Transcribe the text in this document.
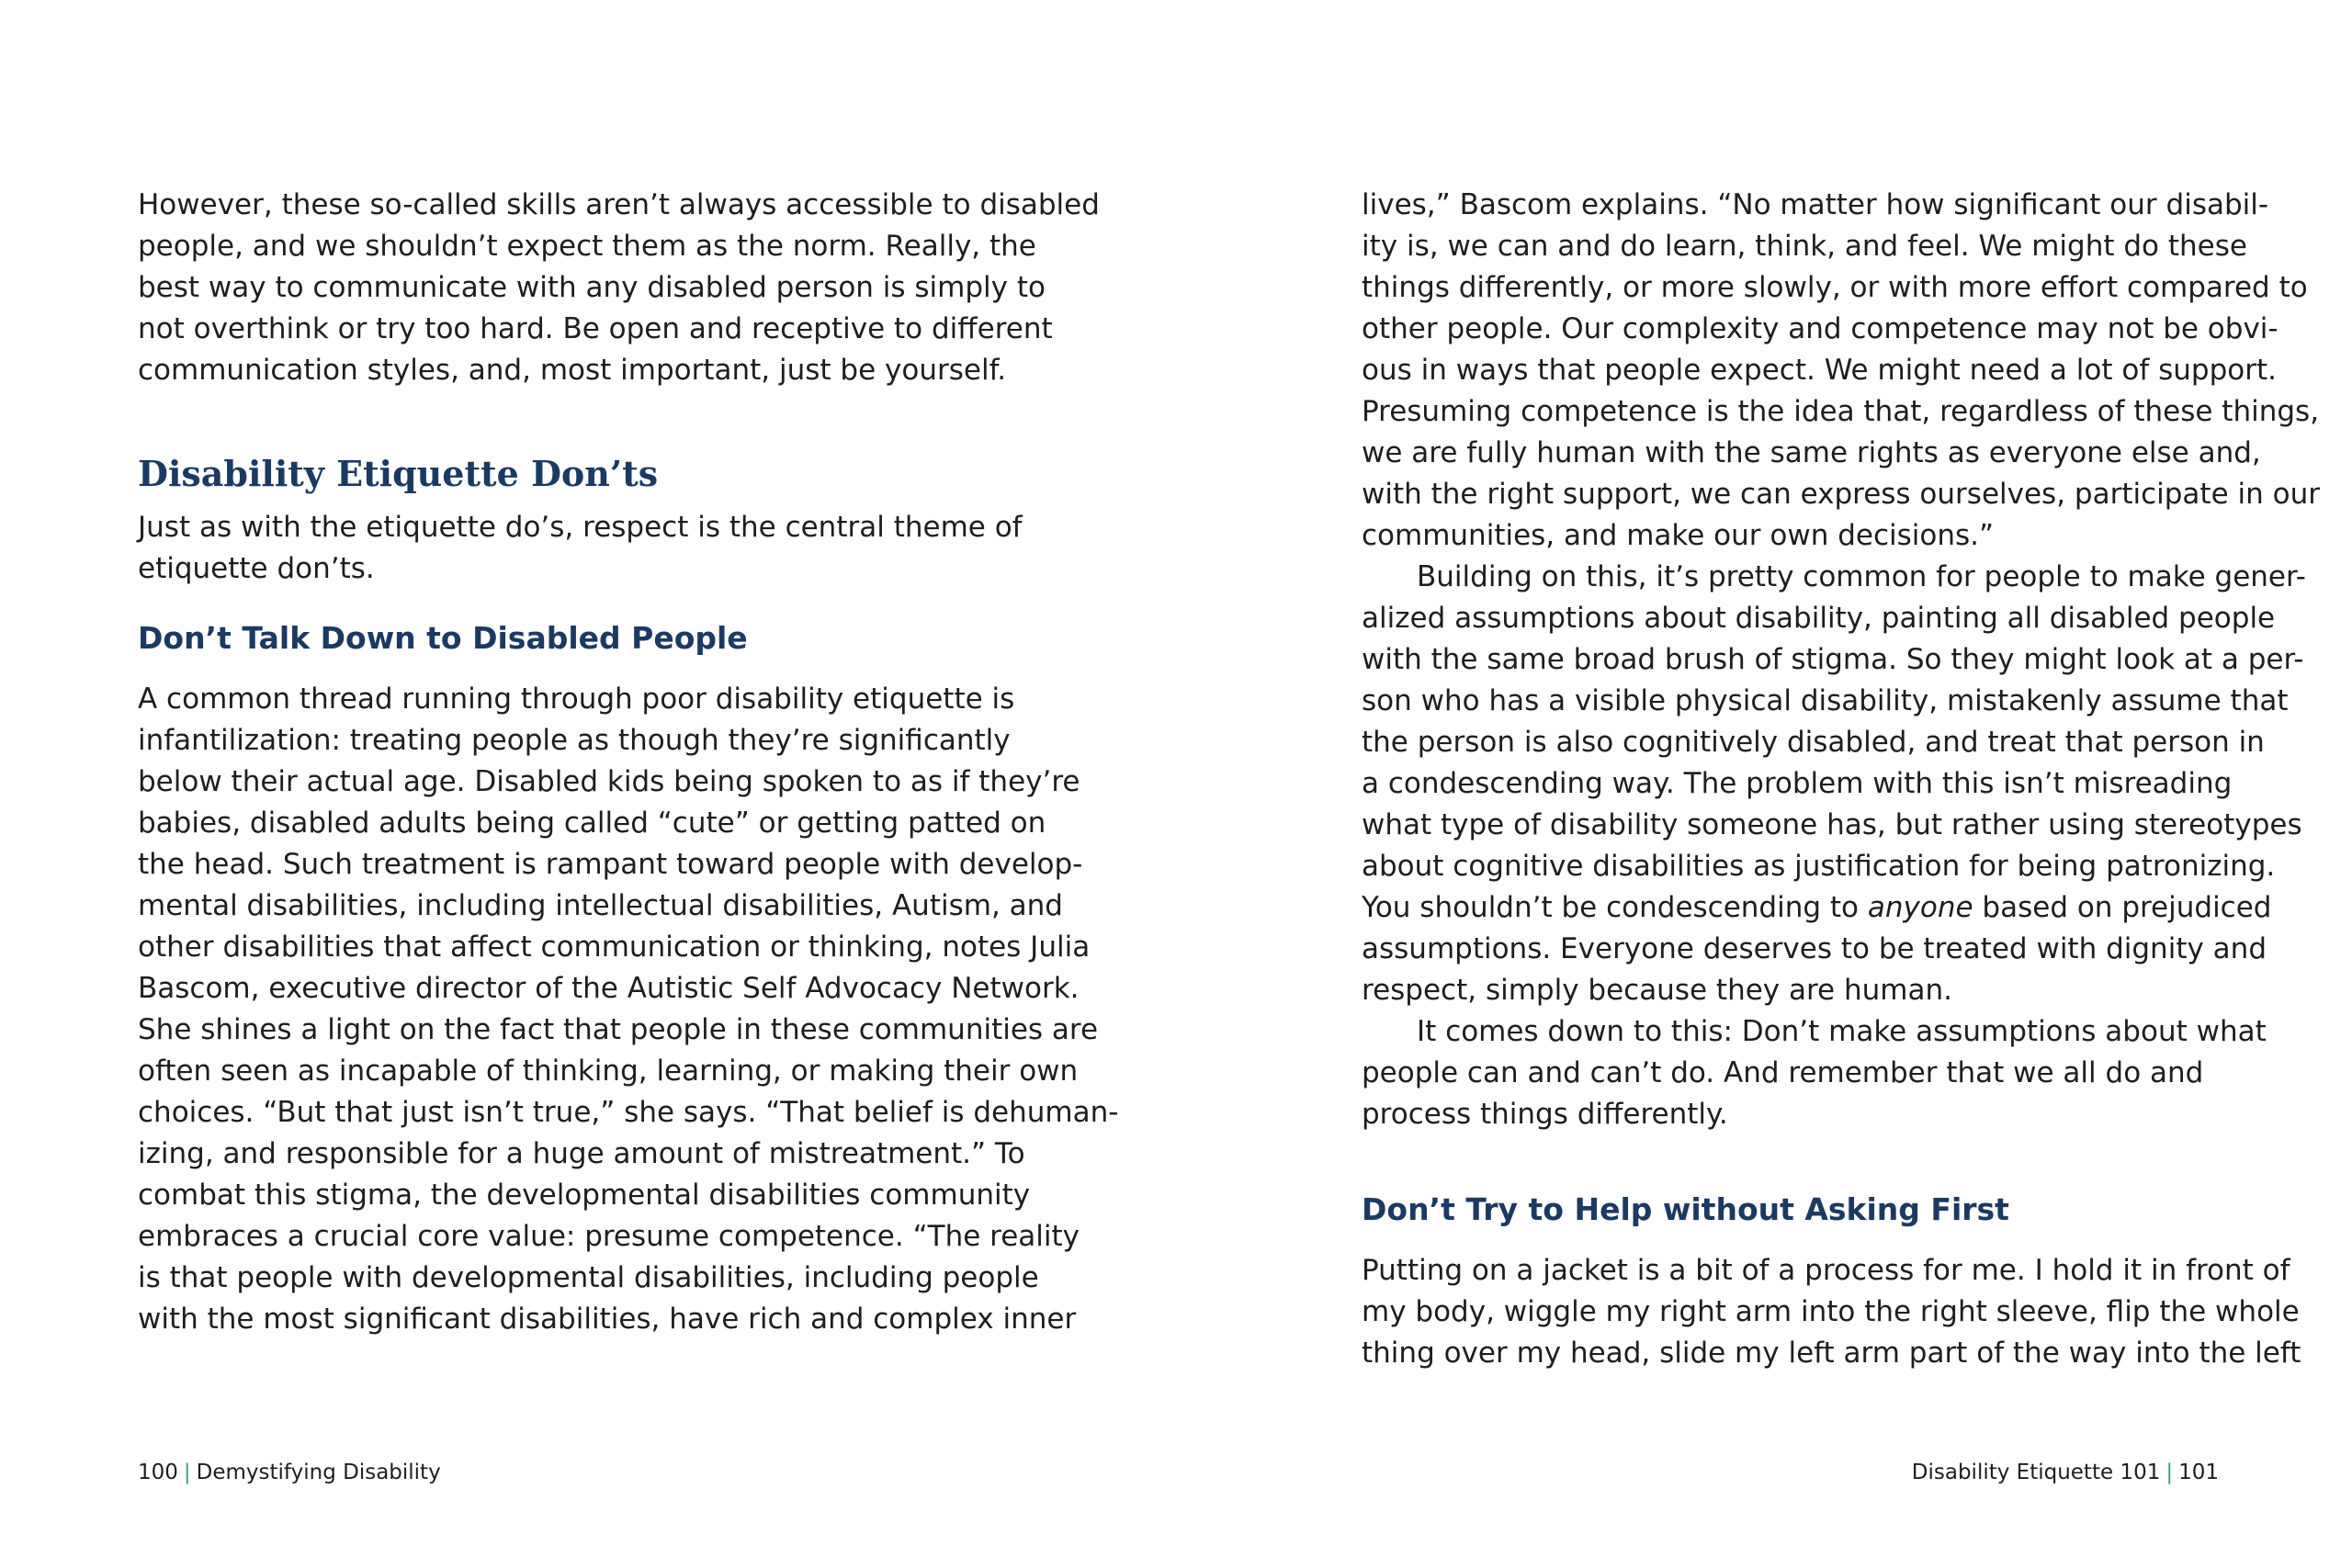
However, these so-called skills aren’t always accessible to disabled
people, and we shouldn’t expect them as the norm. Really, the
best way to communicate with any disabled person is simply to
not overthink or try too hard. Be open and receptive to different
communication styles, and, most important, just be yourself.
Disability Etiquette Don’ts
Just as with the etiquette do’s, respect is the central theme of
etiquette don’ts.
Don’t Talk Down to Disabled People
A common thread running through poor disability etiquette is
infantilization: treating people as though they’re significantly
below their actual age. Disabled kids being spoken to as if they’re
babies, disabled adults being called “cute” or getting patted on
the head. Such treatment is rampant toward people with develop-
mental disabilities, including intellectual disabilities, Autism, and
other disabilities that affect communication or thinking, notes Julia
Bascom, executive director of the Autistic Self Advocacy Network.
She shines a light on the fact that people in these communities are
often seen as incapable of thinking, learning, or making their own
choices. “But that just isn’t true,” she says. “That belief is dehuman-
izing, and responsible for a huge amount of mistreatment.” To
combat this stigma, the developmental disabilities community
embraces a crucial core value: presume competence. “The reality
is that people with developmental disabilities, including people
with the most significant disabilities, have rich and complex inner
100 | Demystifying Disability
lives,” Bascom explains. “No matter how significant our disabil-
ity is, we can and do learn, think, and feel. We might do these
things differently, or more slowly, or with more effort compared to
other people. Our complexity and competence may not be obvi-
ous in ways that people expect. We might need a lot of support.
Presuming competence is the idea that, regardless of these things,
we are fully human with the same rights as everyone else and,
with the right support, we can express ourselves, participate in our
communities, and make our own decisions.”
Building on this, it’s pretty common for people to make gener-
alized assumptions about disability, painting all disabled people
with the same broad brush of stigma. So they might look at a per-
son who has a visible physical disability, mistakenly assume that
the person is also cognitively disabled, and treat that person in
a condescending way. The problem with this isn’t misreading
what type of disability someone has, but rather using stereotypes
about cognitive disabilities as justification for being patronizing.
You shouldn’t be condescending to anyone based on prejudiced
assumptions. Everyone deserves to be treated with dignity and
respect, simply because they are human.
It comes down to this: Don’t make assumptions about what
people can and can’t do. And remember that we all do and
process things differently.
Don’t Try to Help without Asking First
Putting on a jacket is a bit of a process for me. I hold it in front of
my body, wiggle my right arm into the right sleeve, flip the whole
thing over my head, slide my left arm part of the way into the left
Disability Etiquette 101 | 101
